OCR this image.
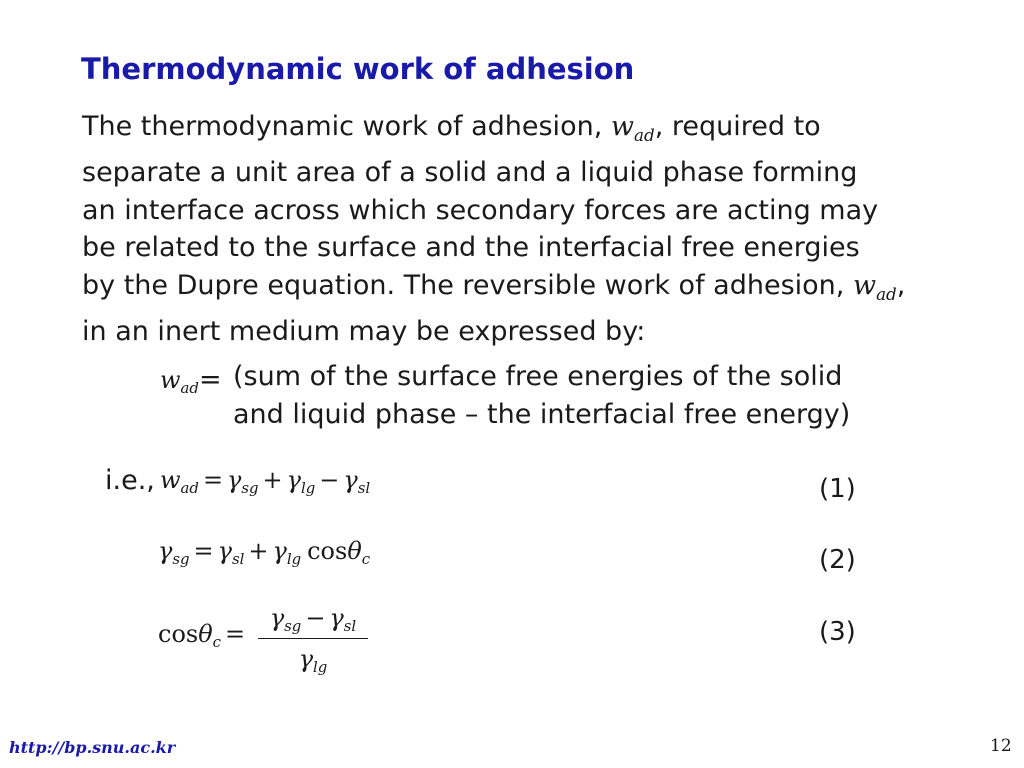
Thermodynamic work of adhesion
The thermodynamic work of adhesion, $w_{ad}$, required to
separate a unit area of a solid and a liquid phase forming
an interface across which secondary forces are acting may
be related to the surface and the interfacial free energies
by the Dupre equation. The reversible work of adhesion, $w_{ad}$,
in an inert medium may be expressed by:
$w_{ad}= (sum$ of the surface free energies of the solid
and liquid phase – the interfacial free energy)
i.e., $w_{ad} = \gamma_{sg} + \gamma_{lg} - \gamma_{sl}$	(1)
$\gamma_{sg} = \gamma_{sl} + \gamma_{lg}$ cosθ$_c$	(2)
cosθ$_c$ =
$\gamma_{sg} - \gamma_{sl}$
$\gamma_{lg}$
(3)
http://bp.snu.ac.kr	12
